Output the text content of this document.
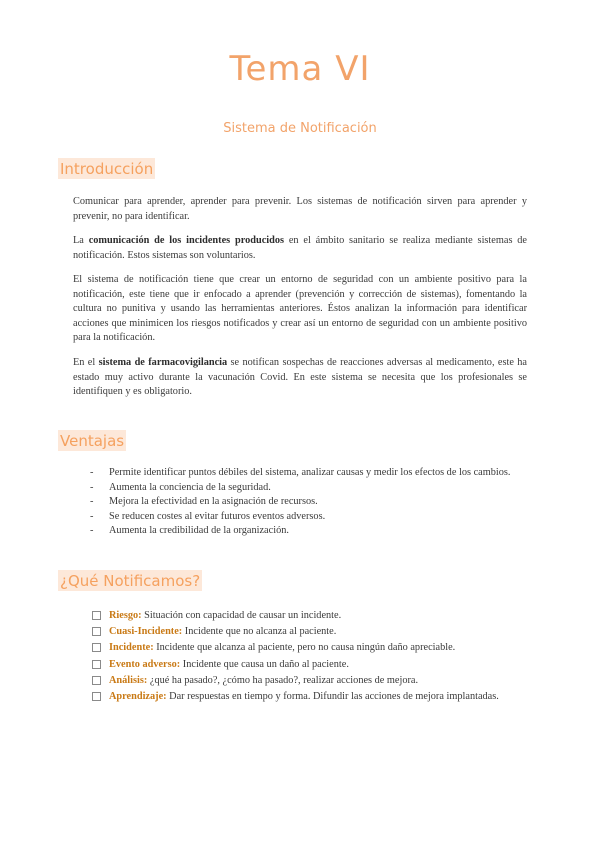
Tema VI
Sistema de Notificación
Introducción

Comunicar para aprender, aprender para prevenir. Los sistemas de notificación sirven para aprender y prevenir, no para identificar.

La comunicación de los incidentes producidos en el ámbito sanitario se realiza mediante sistemas de notificación. Estos sistemas son voluntarios.

El sistema de notificación tiene que crear un entorno de seguridad con un ambiente positivo para la notificación, este tiene que ir enfocado a aprender (prevención y corrección de sistemas), fomentando la cultura no punitiva y usando las herramientas anteriores. Éstos analizan la información para identificar acciones que minimicen los riesgos notificados y crear así un entorno de seguridad con un ambiente positivo para la notificación.

En el sistema de farmacovigilancia se notifican sospechas de reacciones adversas al medicamento, este ha estado muy activo durante la vacunación Covid. En este sistema se necesita que los profesionales se identifiquen y es obligatorio.

Ventajas
- Permite identificar puntos débiles del sistema, analizar causas y medir los efectos de los cambios.
- Aumenta la conciencia de la seguridad.
- Mejora la efectividad en la asignación de recursos.
- Se reducen costes al evitar futuros eventos adversos.
- Aumenta la credibilidad de la organización.
¿Qué Notificamos?
Riesgo: Situación con capacidad de causar un incidente.
Cuasi-Incidente: Incidente que no alcanza al paciente.
Incidente: Incidente que alcanza al paciente, pero no causa ningún daño apreciable.
Evento adverso: Incidente que causa un daño al paciente.
Análisis: ¿qué ha pasado?, ¿cómo ha pasado?, realizar acciones de mejora.
Aprendizaje: Dar respuestas en tiempo y forma. Difundir las acciones de mejora implantadas.
